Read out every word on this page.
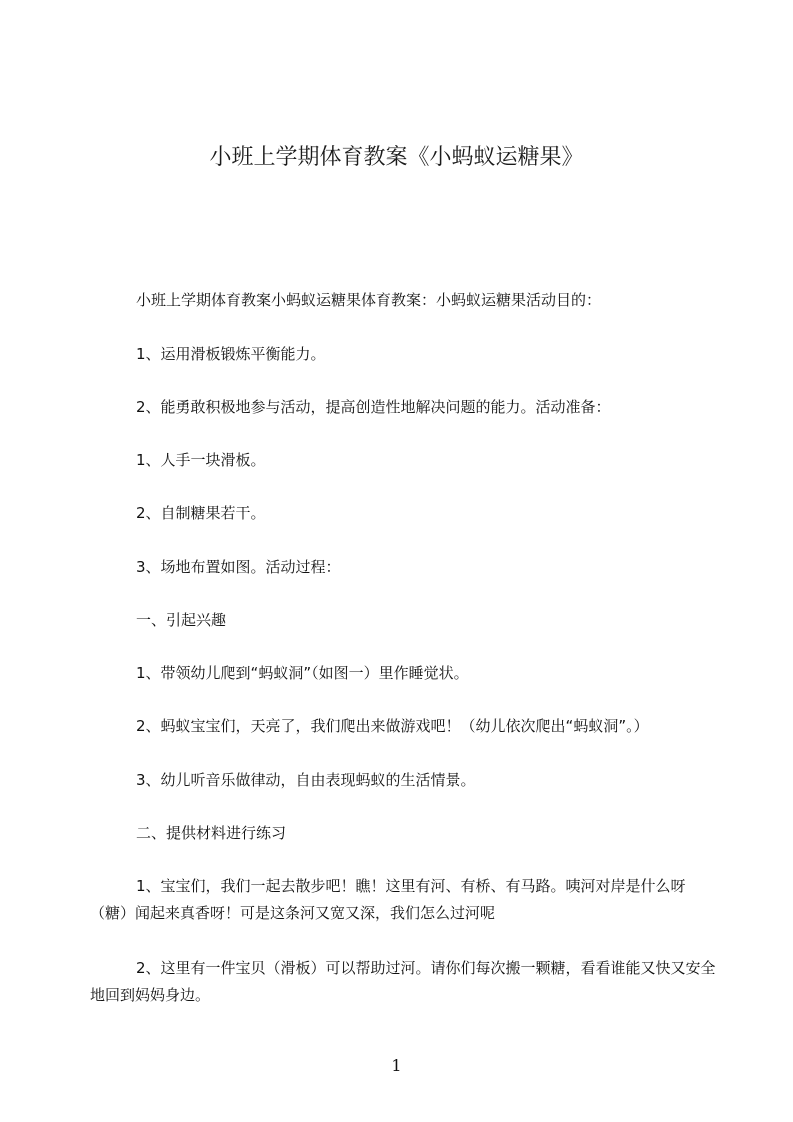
小班上学期体育教案《小蚂蚁运糖果》

小班上学期体育教案小蚂蚁运糖果体育教案：小蚂蚁运糖果活动目的：

1、运用滑板锻炼平衡能力。

2、能勇敢积极地参与活动，提高创造性地解决问题的能力。活动准备：

1、人手一块滑板。

2、自制糖果若干。

3、场地布置如图。活动过程：

一、引起兴趣

1、带领幼儿爬到“蚂蚁洞”（如图一）里作睡觉状。

2、蚂蚁宝宝们，天亮了，我们爬出来做游戏吧！（幼儿依次爬出“蚂蚁洞”。）

3、幼儿听音乐做律动，自由表现蚂蚁的生活情景。

二、提供材料进行练习

1、宝宝们，我们一起去散步吧！瞧！这里有河、有桥、有马路。咦河对岸是什么呀（糖）闻起来真香呀！可是这条河又宽又深，我们怎么过河呢

2、这里有一件宝贝（滑板）可以帮助过河。请你们每次搬一颗糖，看看谁能又快又安全地回到妈妈身边。

1
